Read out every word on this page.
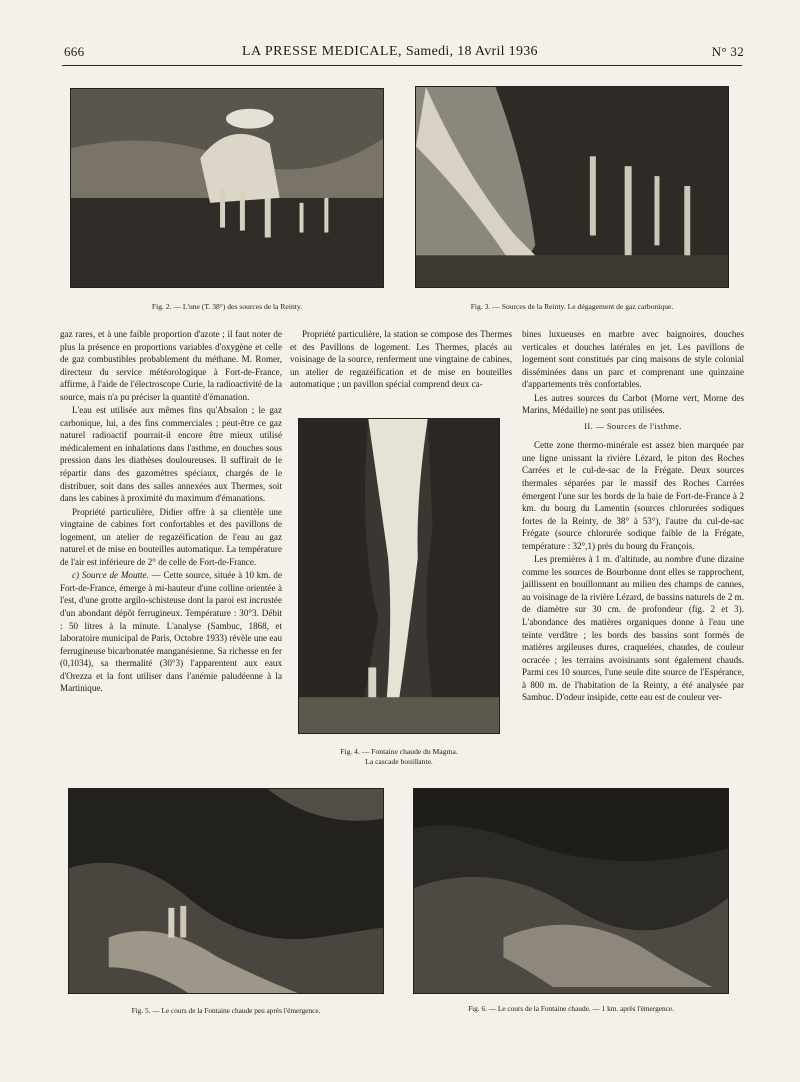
666	LA PRESSE MEDICALE, Samedi, 18 Avril 1936	N° 32
Fig. 2. — L'une (T. 38°) des sources de la Reinty.	Fig. 3. — Sources de la Reinty. Le dégagement de gaz carbonique.

gaz rares, et à une faible proportion d'azote ; il faut noter de plus la présence en proportions variables d'oxygène et celle de gaz combustibles probablement du méthane. M. Romer, directeur du service météorologique à Fort-de-France, affirme, à l'aide de l'électroscope Curie, la radioactivité de la source, mais n'a pu préciser la quantité d'émanation.

L'eau est utilisée aux mêmes fins qu'Absalon ; le gaz carbonique, lui, a des fins commerciales ; peut-être ce gaz naturel radioactif pourrait-il encore être mieux utilisé médicalement en inhalations dans l'asthme, en douches sous pression dans les diathèses douloureuses. Il suffirait de le répartir dans des gazomètres spéciaux, chargés de le distribuer, soit dans des salles annexées aux Thermes, soit dans les cabines à proximité du maximum d'émanations.

Propriété particulière, Didier offre à sa clientèle une vingtaine de cabines fort confortables et des pavillons de logement, un atelier de regazéification de l'eau au gaz naturel et de mise en bouteilles automatique. La température de l'air est inférieure de 2° de celle de Fort-de-France.

c) Source de Moutte. — Cette source, située à 10 km. de Fort-de-France, émerge à mi-hauteur d'une colline orientée à l'est, d'une grotte argilo-schisteuse dont la paroi est incrustée d'un abondant dépôt ferrugineux. Température : 30°3. Débit : 50 litres à la minute. L'analyse (Sambuc, 1868, et laboratoire municipal de Paris, Octobre 1933) révèle une eau ferrugineuse bicarbonatée manganésienne. Sa richesse en fer (0,1034), sa thermalité (30°3) l'apparentent aux eaux d'Orezza et la font utiliser dans l'anémie paludéenne à la Martinique.

Propriété particulière, la station se compose des Thermes et des Pavillons de logement. Les Thermes, placés au voisinage de la source, renferment une vingtaine de cabines, un atelier de regazéification et de mise en bouteilles automatique ; un pavillon spécial comprend deux ca-

Fig. 4. — Fontaine chaude du Magma.
La cascade bouillante.

bines luxueuses en marbre avec baignoires, douches verticales et douches latérales en jet. Les pavillons de logement sont constitués par cinq maisons de style colonial disséminées dans un parc et comprenant une quinzaine d'appartements très confortables.

Les autres sources du Carbot (Morne vert, Morne des Marins, Médaille) ne sont pas utilisées.

II. — Sources de l'isthme.

Cette zone thermo-minérale est assez bien marquée par une ligne unissant la rivière Lézard, le piton des Roches Carrées et le cul-de-sac de la Frégate. Deux sources thermales séparées par le massif des Roches Carrées émergent l'une sur les bords de la baie de Fort-de-France à 2 km. du bourg du Lamentin (sources chlorurées sodiques fortes de la Reinty, de 38° à 53°), l'autre du cul-de-sac Frégate (source chlorurée sodique faible de la Frégate, température : 32°,1) près du bourg du François.

Les premières à 1 m. d'altitude, au nombre d'une dizaine comme les sources de Bourbonne dont elles se rapprochent, jaillissent en bouillonnant au milieu des champs de cannes, au voisinage de la rivière Lézard, de bassins naturels de 2 m. de diamètre sur 30 cm. de profondeur (fig. 2 et 3). L'abondance des matières organiques donne à l'eau une teinte verdâtre ; les bords des bassins sont formés de matières argileuses dures, craquelées, chaudes, de couleur ocracée ; les terrains avoisinants sont également chauds. Parmi ces 10 sources, l'une seule dite source de l'Espérance, à 800 m. de l'habitation de la Reinty, a été analysée par Sambuc. D'odeur insipide, cette eau est de couleur ver-

Fig. 5. — Le cours de la Fontaine chaude peu après l'émergence.	Fig. 6. — Le cours de la Fontaine chaude. — 1 km. après l'émergence.
